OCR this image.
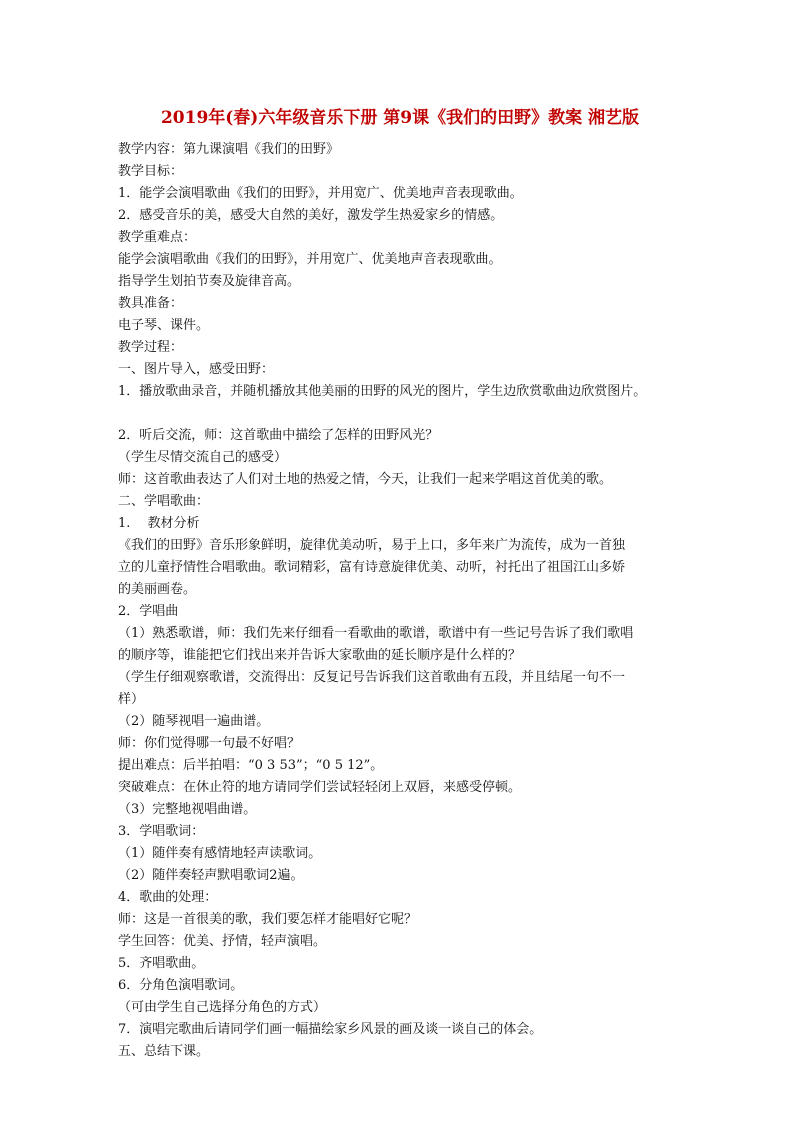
2019年(春)六年级音乐下册 第9课《我们的田野》教案 湘艺版
教学内容：第九课演唱《我们的田野》
教学目标：
1．能学会演唱歌曲《我们的田野》，并用宽广、优美地声音表现歌曲。
2．感受音乐的美，感受大自然的美好，激发学生热爱家乡的情感。
教学重难点：
能学会演唱歌曲《我们的田野》，并用宽广、优美地声音表现歌曲。
指导学生划拍节奏及旋律音高。
教具准备：
电子琴、课件。
教学过程：
一、图片导入，感受田野：
1．播放歌曲录音，并随机播放其他美丽的田野的风光的图片，学生边欣赏歌曲边欣赏图片。
2．听后交流，师：这首歌曲中描绘了怎样的田野风光？
（学生尽情交流自己的感受）
师：这首歌曲表达了人们对土地的热爱之情，今天，让我们一起来学唱这首优美的歌。
二、学唱歌曲：
1.　 教材分析
《我们的田野》音乐形象鲜明，旋律优美动听，易于上口，多年来广为流传，成为一首独
立的儿童抒情性合唱歌曲。歌词精彩，富有诗意旋律优美、动听，衬托出了祖国江山多娇
的美丽画卷。
2．学唱曲
（1）熟悉歌谱，师：我们先来仔细看一看歌曲的歌谱，歌谱中有一些记号告诉了我们歌唱
的顺序等，谁能把它们找出来并告诉大家歌曲的延长顺序是什么样的？
（学生仔细观察歌谱，交流得出：反复记号告诉我们这首歌曲有五段，并且结尾一句不一
样）
（2）随琴视唱一遍曲谱。
师：你们觉得哪一句最不好唱？
提出难点：后半拍唱：“0 3 53”；“0 5 12”。
突破难点：在休止符的地方请同学们尝试轻轻闭上双唇，来感受停顿。
（3）完整地视唱曲谱。
3．学唱歌词：
（1）随伴奏有感情地轻声读歌词。
（2）随伴奏轻声默唱歌词2遍。
4．歌曲的处理：
师：这是一首很美的歌，我们要怎样才能唱好它呢？
学生回答：优美、抒情，轻声演唱。
5．齐唱歌曲。
6．分角色演唱歌词。
（可由学生自己选择分角色的方式）
7．演唱完歌曲后请同学们画一幅描绘家乡风景的画及谈一谈自己的体会。
五、总结下课。
